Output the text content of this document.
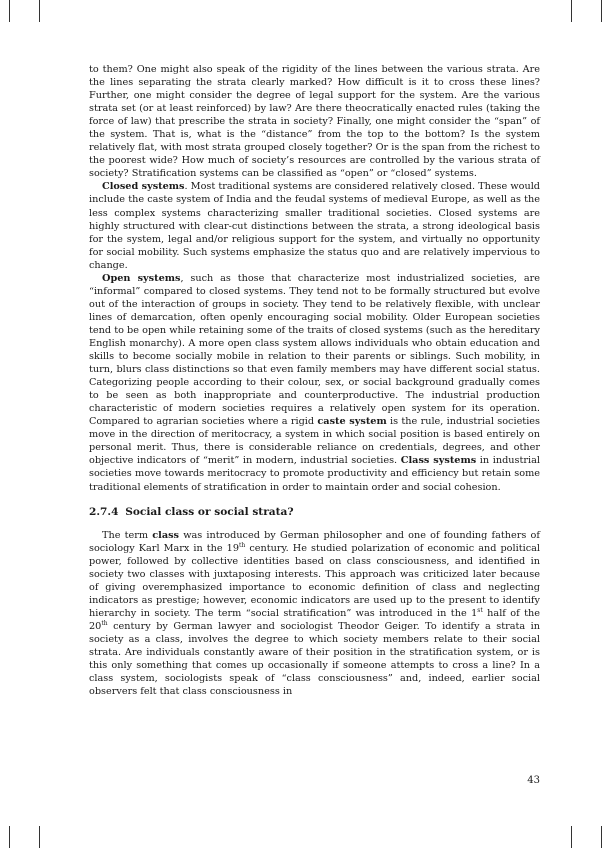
to them? One might also speak of the rigidity of the lines between the various strata. Are the lines separating the strata clearly marked? How difficult is it to cross these lines? Further, one might consider the degree of legal support for the system. Are the various strata set (or at least reinforced) by law? Are there theocratically enacted rules (taking the force of law) that prescribe the strata in society? Finally, one might consider the “span” of the system. That is, what is the “distance” from the top to the bottom? Is the system relatively flat, with most strata grouped closely together? Or is the span from the richest to the poorest wide? How much of society’s resources are controlled by the various strata of society? Stratification systems can be classified as “open” or “closed” systems.

Closed systems. Most traditional systems are considered relatively closed. These would include the caste system of India and the feudal systems of medieval Europe, as well as the less complex systems characterizing smaller traditional societies. Closed systems are highly structured with clear-cut distinctions between the strata, a strong ideological basis for the system, legal and/or religious support for the system, and virtually no opportunity for social mobility. Such systems emphasize the status quo and are relatively impervious to change.

Open systems, such as those that characterize most industrialized societies, are “informal” compared to closed systems. They tend not to be formally structured but evolve out of the interaction of groups in society. They tend to be relatively flexible, with unclear lines of demarcation, often openly encouraging social mobility. Older European societies tend to be open while retaining some of the traits of closed systems (such as the hereditary English monarchy). A more open class system allows individuals who obtain education and skills to become socially mobile in relation to their parents or siblings. Such mobility, in turn, blurs class distinctions so that even family members may have different social status. Categorizing people according to their colour, sex, or social background gradually comes to be seen as both inappropriate and counterproductive. The industrial production characteristic of modern societies requires a relatively open system for its operation. Compared to agrarian societies where a rigid caste system is the rule, industrial societies move in the direction of meritocracy, a system in which social position is based entirely on personal merit. Thus, there is considerable reliance on credentials, degrees, and other objective indicators of “merit” in modern, industrial societies. Class systems in industrial societies move towards meritocracy to promote productivity and efficiency but retain some traditional elements of stratification in order to maintain order and social cohesion.

2.7.4 Social class or social strata?

The term class was introduced by German philosopher and one of founding fathers of sociology Karl Marx in the 19th century. He studied polarization of economic and political power, followed by collective identities based on class consciousness, and identified in society two classes with juxtaposing interests. This approach was criticized later because of giving overemphasized importance to economic definition of class and neglecting indicators as prestige; however, economic indicators are used up to the present to identify hierarchy in society. The term “social stratification” was introduced in the 1st half of the 20th century by German lawyer and sociologist Theodor Geiger. To identify a strata in society as a class, involves the degree to which society members relate to their social strata. Are individuals constantly aware of their position in the stratification system, or is this only something that comes up occasionally if someone attempts to cross a line? In a class system, sociologists speak of “class consciousness” and, indeed, earlier social observers felt that class consciousness in

43
